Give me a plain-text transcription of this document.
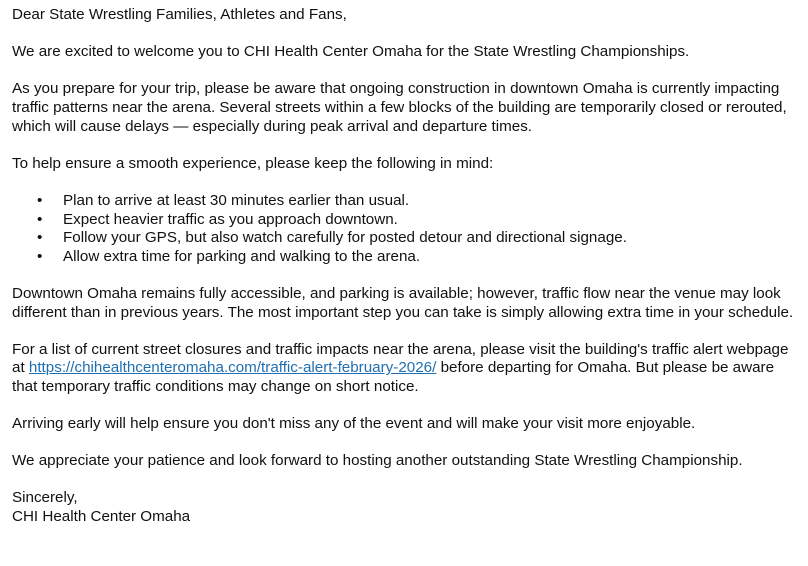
Dear State Wrestling Families, Athletes and Fans,

We are excited to welcome you to CHI Health Center Omaha for the State Wrestling Championships.

As you prepare for your trip, please be aware that ongoing construction in downtown Omaha is currently impacting traffic patterns near the arena. Several streets within a few blocks of the building are temporarily closed or rerouted, which will cause delays — especially during peak arrival and departure times.

To help ensure a smooth experience, please keep the following in mind:

• Plan to arrive at least 30 minutes earlier than usual.
• Expect heavier traffic as you approach downtown.
• Follow your GPS, but also watch carefully for posted detour and directional signage.
• Allow extra time for parking and walking to the arena.

Downtown Omaha remains fully accessible, and parking is available; however, traffic flow near the venue may look different than in previous years. The most important step you can take is simply allowing extra time in your schedule.

For a list of current street closures and traffic impacts near the arena, please visit the building's traffic alert webpage at https://chihealthcenteromaha.com/traffic-alert-february-2026/ before departing for Omaha. But please be aware that temporary traffic conditions may change on short notice.

Arriving early will help ensure you don't miss any of the event and will make your visit more enjoyable.

We appreciate your patience and look forward to hosting another outstanding State Wrestling Championship.

Sincerely,

CHI Health Center Omaha
